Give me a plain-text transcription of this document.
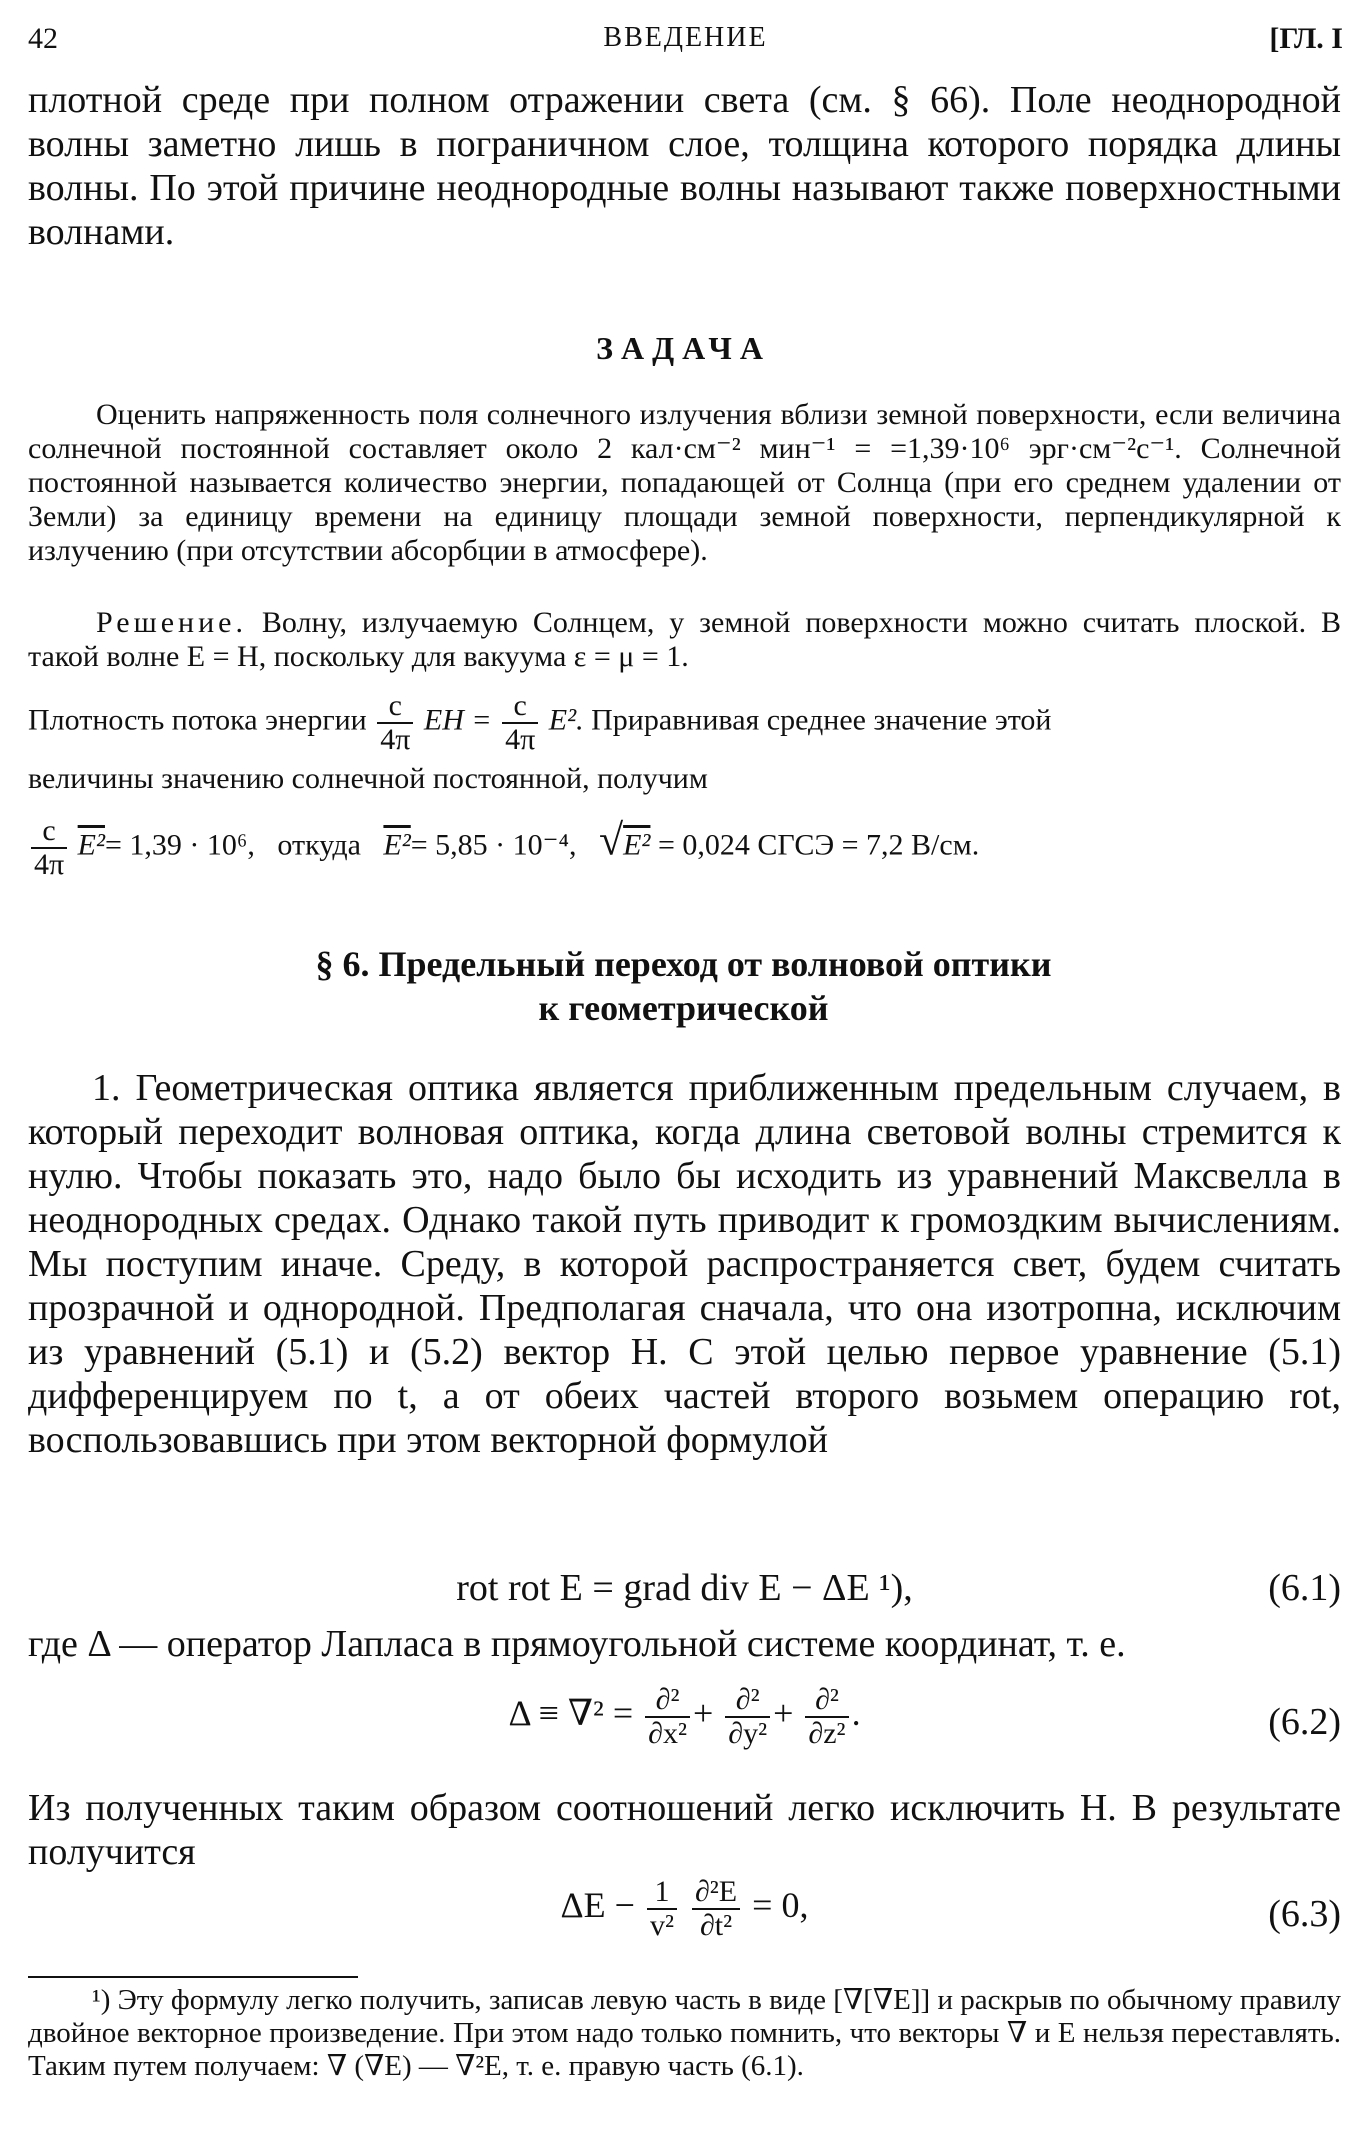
42	ВВЕДЕНИЕ	[ГЛ. I

плотной среде при полном отражении света (см. § 66). Поле неоднородной волны заметно лишь в пограничном слое, толщина которого порядка длины волны. По этой причине неоднородные волны называют также поверхностными волнами.

ЗАДАЧА

Оценить напряженность поля солнечного излучения вблизи земной поверхности, если величина солнечной постоянной составляет около 2 кал·см⁻² мин⁻¹ = =1,39·10⁶ эрг·см⁻²с⁻¹. Солнечной постоянной называется количество энергии, попадающей от Солнца (при его среднем удалении от Земли) за единицу времени на единицу площади земной поверхности, перпендикулярной к излучению (при отсутствии абсорбции в атмосфере).

Решение. Волну, излучаемую Солнцем, у земной поверхности можно считать плоской. В такой волне E = H, поскольку для вакуума ε = μ = 1.

Плотность потока энергии $\frac{c}{4\pi}$ EH = $\frac{c}{4\pi} E^2$. Приравнивая среднее значение этой

величины значению солнечной постоянной, получим

$\frac{c}{4\pi} E^2= 1,39 \cdot 10^6$, откуда E²= 5,85 · 10⁻⁴, √E² = 0,024 СГСЭ = 7,2 В/см.
§ 6. Предельный переход от волновой оптики
к геометрической

1. Геометрическая оптика является приближенным предельным случаем, в который переходит волновая оптика, когда длина световой волны стремится к нулю. Чтобы показать это, надо было бы исходить из уравнений Максвелла в неоднородных средах. Однако такой путь приводит к громоздким вычислениям. Мы поступим иначе. Среду, в которой распространяется свет, будем считать прозрачной и однородной. Предполагая сначала, что она изотропна, исключим из уравнений (5.1) и (5.2) вектор H. С этой целью первое уравнение (5.1) дифференцируем по t, а от обеих частей второго возьмем операцию rot, воспользовавшись при этом векторной формулой

rot rot E = grad div E − ΔE ¹),	(6.1)

где Δ — оператор Лапласа в прямоугольной системе координат, т. е.

$\Delta \equiv \nabla^2 = \frac{\text{∂²}}{\text{∂x²}} + \frac{\text{∂²}}{\text{∂y²}} + \frac{\text{∂²}}{\text{∂z²}}$ .	(6.2)

Из полученных таким образом соотношений легко исключить H. В результате получится

$\Delta E - \frac{1}{\text{v²}}$
$\frac{\text{∂²E}}{\text{∂t²}} = 0$,	(6.3)

¹) Эту формулу легко получить, записав левую часть в виде [∇[∇E]] и раскрыв по обычному правилу двойное векторное произведение. При этом надо только помнить, что векторы ∇ и E нельзя переставлять. Таким путем получаем: ∇ (∇E) — ∇²E, т. е. правую часть (6.1).
